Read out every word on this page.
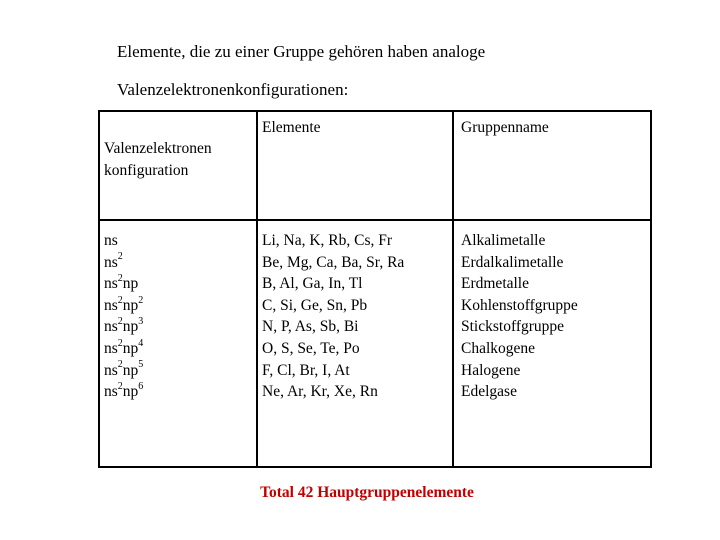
Elemente, die zu einer Gruppe gehören haben analoge
Valenzelektronenkonfigurationen:
Valenzelektronen
konfiguration
Elemente	Gruppenname
ns
$ns^2$
$ns^2np$
$ns^2np^2$
$ns^2np^3$
$ns^2np^4$
$ns^2np^5$
$ns^2np^6$
Li, Na, K, Rb, Cs, Fr
Be, Mg, Ca, Ba, Sr, Ra
B, Al, Ga, In, Tl
C, Si, Ge, Sn, Pb
N, P, As, Sb, Bi
O, S, Se, Te, Po
F, Cl, Br, I, At
Ne, Ar, Kr, Xe, Rn
Alkalimetalle
Erdalkalimetalle
Erdmetalle
Kohlenstoffgruppe
Stickstoffgruppe
Chalkogene
Halogene
Edelgase
Total 42 Hauptgruppenelemente
